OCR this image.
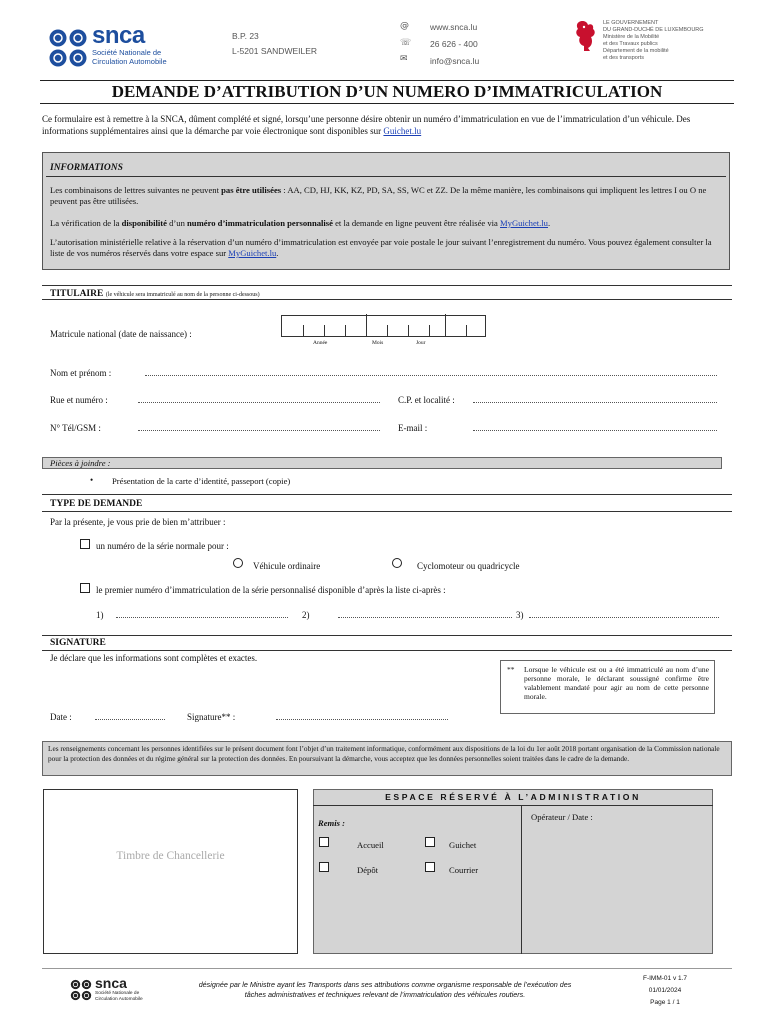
snca
Société Nationale de
Circulation Automobile
B.P. 23
L-5201 SANDWEILER
@ www.snca.lu
☏ 26 626 - 400
✉	info@snca.lu
LE GOUVERNEMENT
DU GRAND-DUCHÉ DE LUXEMBOURG
Ministère de la Mobilité
et des Travaux publics
Département de la mobilité
et des transports
DEMANDE D’ATTRIBUTION D’UN NUMERO D’IMMATRICULATION
Ce formulaire est à remettre à la SNCA, dûment complété et signé, lorsqu’une personne désire obtenir un numéro d’immatriculation en vue de l’immatriculation d’un véhicule. Des informations supplémentaires ainsi que la démarche par voie électronique sont disponibles sur Guichet.lu
INFORMATIONS
Les combinaisons de lettres suivantes ne peuvent pas être utilisées : AA, CD, HJ, KK, KZ, PD, SA, SS, WC et ZZ. De la même manière, les combinaisons qui impliquent les lettres I ou O ne peuvent pas être utilisées.
La vérification de la disponibilité d’un numéro d’immatriculation personnalisé et la demande en ligne peuvent être réalisée via MyGuichet.lu.
L’autorisation ministérielle relative à la réservation d’un numéro d’immatriculation est envoyée par voie postale le jour suivant l’enregistrement du numéro. Vous pouvez également consulter la liste de vos numéros réservés dans votre espace sur MyGuichet.lu.
TITULAIRE (le véhicule sera immatriculé au nom de la personne ci-dessous)
Matricule national (date de naissance) :
Année	Mois	Jour
Nom et prénom :
Rue et numéro :	C.P. et localité :
N° Tél/GSM :	E-mail :
Pièces à joindre :
• Présentation de la carte d’identité, passeport (copie)
TYPE DE DEMANDE
Par la présente, je vous prie de bien m’attribuer :
un numéro de la série normale pour :
Véhicule ordinaire	Cyclomoteur ou quadricycle
le premier numéro d’immatriculation de la série personnalisé disponible d’après la liste ci-après :
1)	2)	3)
SIGNATURE
Je déclare que les informations sont complètes et exactes.
** Lorsque le véhicule est ou a été immatriculé au nom d’une personne morale, le déclarant soussigné confirme être valablement mandaté pour agir au nom de cette personne morale.
Date :	Signature** :
Les renseignements concernant les personnes identifiées sur le présent document font l’objet d’un traitement informatique, conformément aux dispositions de la loi du 1er août 2018 portant organisation de la Commission nationale pour la protection des données et du régime général sur la protection des données. En poursuivant la démarche, vous acceptez que les données personnelles soient traitées dans le cadre de la demande.
Timbre de Chancellerie
ESPACE RÉSERVÉ À L’ADMINISTRATION
Remis :
Opérateur / Date :
Accueil	Guichet
Dépôt	Courrier
snca
Société Nationale de
Circulation Automobile
désignée par le Ministre ayant les Transports dans ses attributions comme organisme responsable de l’exécution des
tâches administratives et techniques relevant de l’immatriculation des véhicules routiers.
F-IMM-01 v 1.7
01/01/2024
Page 1 / 1
